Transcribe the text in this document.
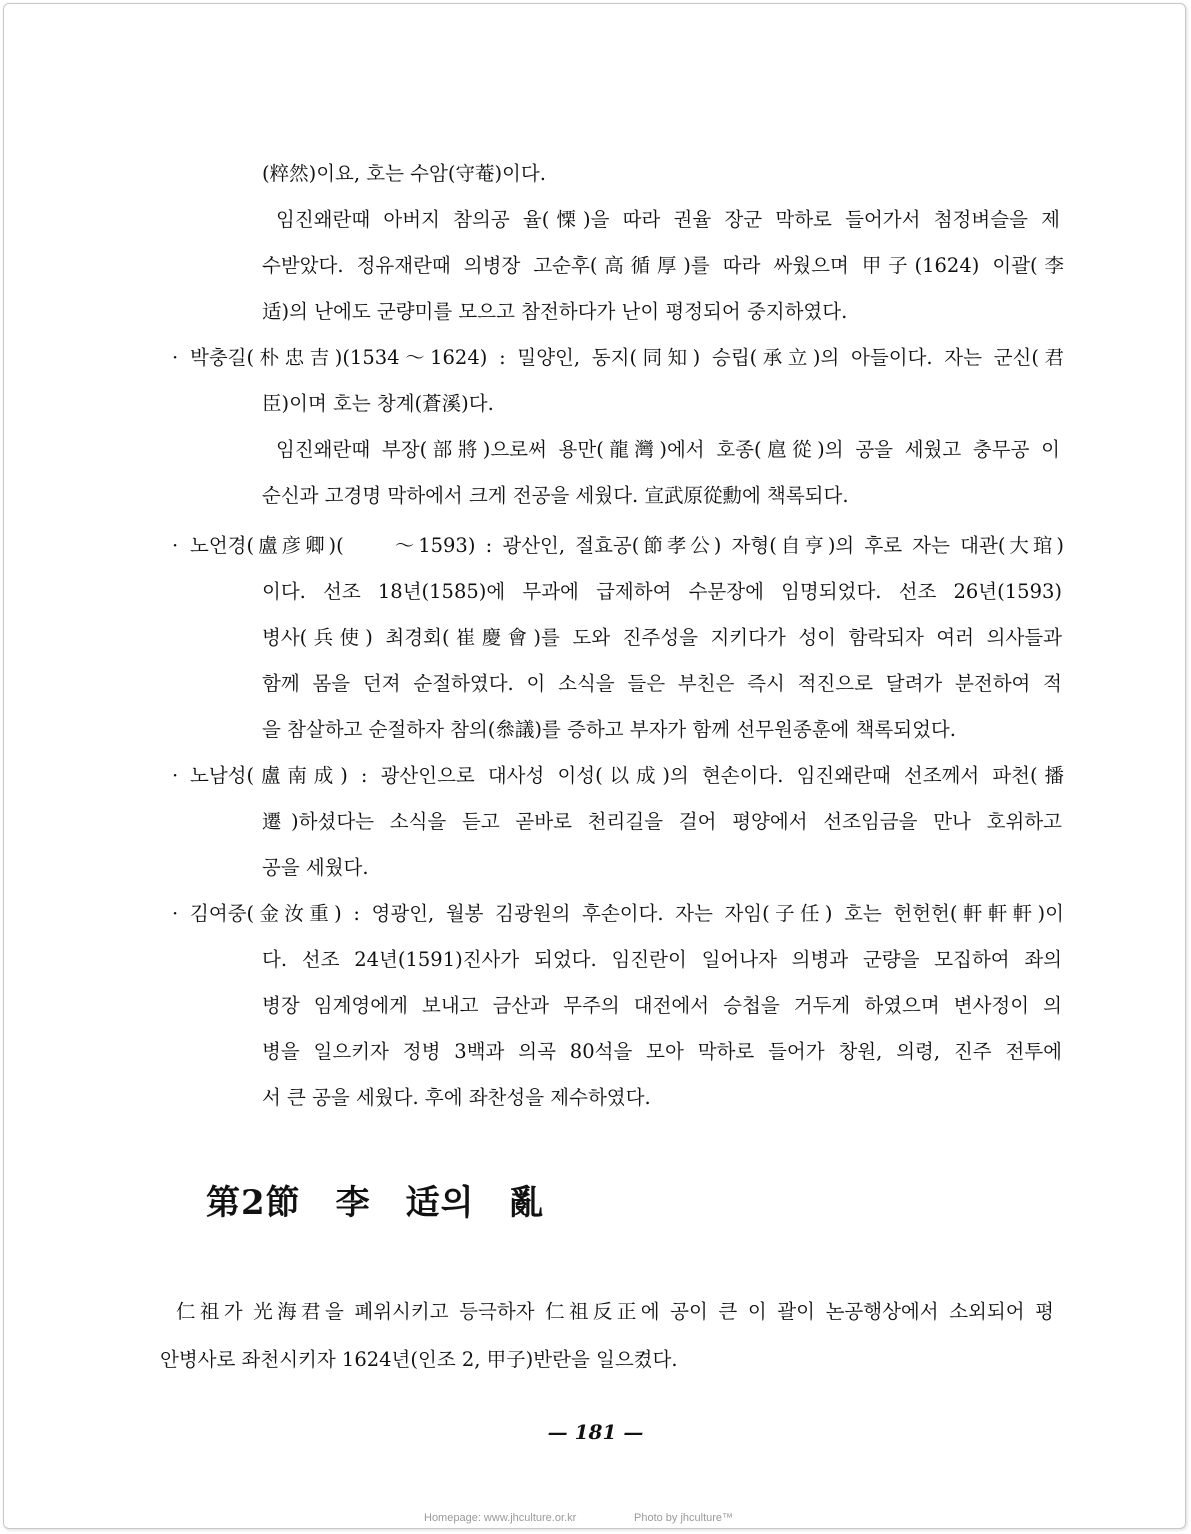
(粹然)이요, 호는 수암(守菴)이다.
임진왜란때 아버지 참의공 율(慄)을 따라 권율 장군 막하로 들어가서 첨정벼슬을 제
수받았다. 정유재란때 의병장 고순후(高循厚)를 따라 싸웠으며 甲子(1624) 이괄(李
适)의 난에도 군량미를 모으고 참전하다가 난이 평정되어 중지하였다.
· 박충길(朴忠吉)(1534～1624) : 밀양인, 동지(同知) 승립(承立)의 아들이다. 자는 군신(君
臣)이며 호는 창계(蒼溪)다.
임진왜란때 부장(部將)으로써 용만(龍灣)에서 호종(扈從)의 공을 세웠고 충무공 이
순신과 고경명 막하에서 크게 전공을 세웠다. 宣武原從勳에 책록되다.
· 노언경(盧彦卿)(　　～1593) : 광산인, 절효공(節孝公) 자형(自亨)의 후로 자는 대관(大琯)
이다. 선조 18년(1585)에 무과에 급제하여 수문장에 임명되었다. 선조 26년(1593)
병사(兵使) 최경회(崔慶會)를 도와 진주성을 지키다가 성이 함락되자 여러 의사들과
함께 몸을 던져 순절하였다. 이 소식을 들은 부친은 즉시 적진으로 달려가 분전하여 적
을 참살하고 순절하자 참의(叅議)를 증하고 부자가 함께 선무원종훈에 책록되었다.
· 노남성(盧南成) : 광산인으로 대사성 이성(以成)의 현손이다. 임진왜란때 선조께서 파천(播
遷)하셨다는 소식을 듣고 곧바로 천리길을 걸어 평양에서 선조임금을 만나 호위하고
공을 세웠다.
· 김여중(金汝重) : 영광인, 월봉 김광원의 후손이다. 자는 자임(子任) 호는 헌헌헌(軒軒軒)이
다. 선조 24년(1591)진사가 되었다. 임진란이 일어나자 의병과 군량을 모집하여 좌의
병장 임계영에게 보내고 금산과 무주의 대전에서 승첩을 거두게 하였으며 변사정이 의
병을 일으키자 정병 3백과 의곡 80석을 모아 막하로 들어가 창원, 의령, 진주 전투에
서 큰 공을 세웠다. 후에 좌찬성을 제수하였다.
第2節　李　适의 亂
仁祖가 光海君을 폐위시키고 등극하자 仁祖反正에 공이 큰 이 괄이 논공행상에서 소외되어 평
안병사로 좌천시키자 1624년(인조 2, 甲子)반란을 일으켰다.
— 181 —
Homepage: www.jhculture.or.kr	Photo by jhculture™
